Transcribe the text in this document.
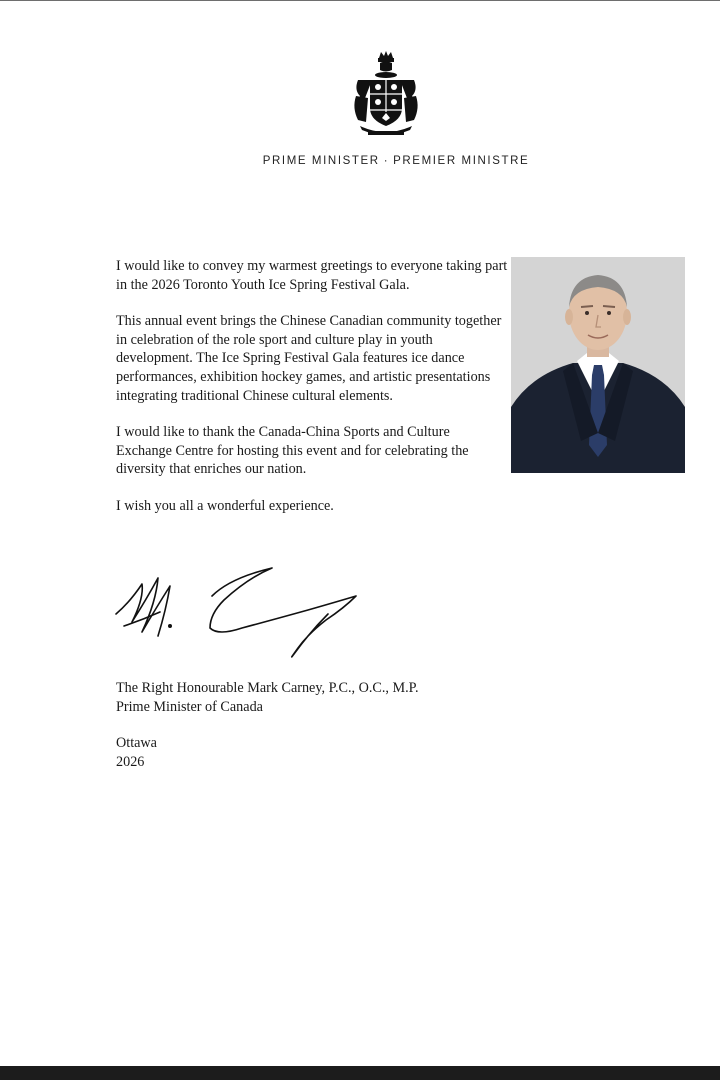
PRIME MINISTER · PREMIER MINISTRE

I would like to convey my warmest greetings to everyone taking part in the 2026 Toronto Youth Ice Spring Festival Gala.

This annual event brings the Chinese Canadian community together in celebration of the role sport and culture play in youth development. The Ice Spring Festival Gala features ice dance performances, exhibition hockey games, and artistic presentations integrating traditional Chinese cultural elements.

I would like to thank the Canada-China Sports and Culture Exchange Centre for hosting this event and for celebrating the diversity that enriches our nation.

I wish you all a wonderful experience.

The Right Honourable Mark Carney, P.C., O.C., M.P.
Prime Minister of Canada
Ottawa
2026
